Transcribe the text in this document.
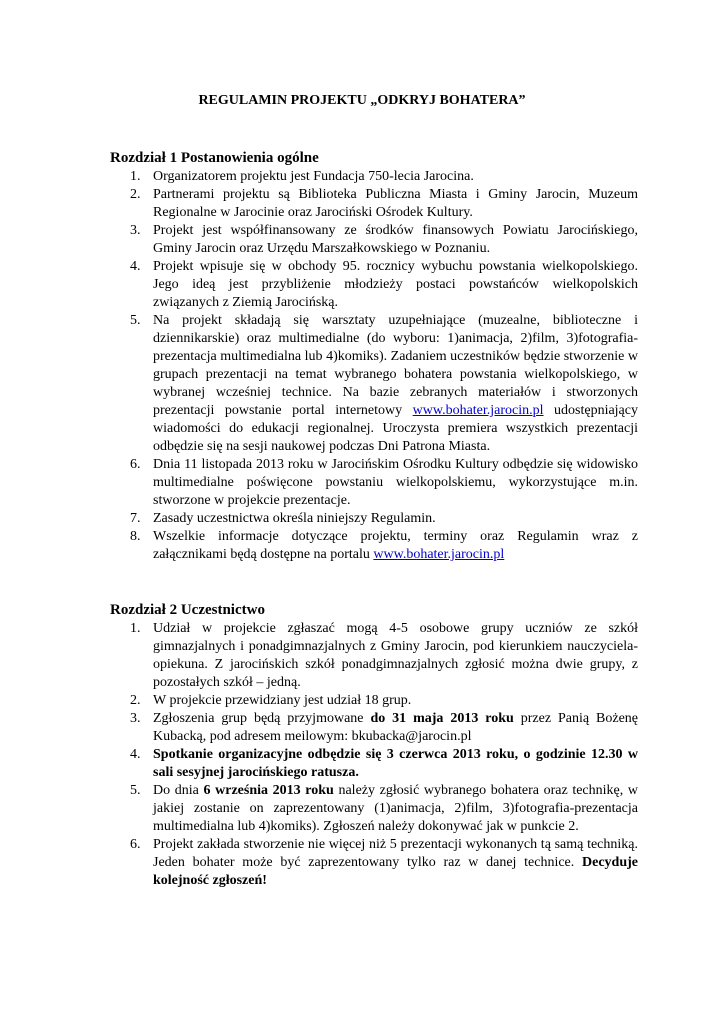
REGULAMIN PROJEKTU „ODKRYJ BOHATERA”
Rozdział 1 Postanowienia ogólne
1. Organizatorem projektu jest Fundacja 750-lecia Jarocina.

2. Partnerami projektu są Biblioteka Publiczna Miasta i Gminy Jarocin, Muzeum Regionalne w Jarocinie oraz Jarociński Ośrodek Kultury.

3. Projekt jest współfinansowany ze środków finansowych Powiatu Jarocińskiego, Gminy Jarocin oraz Urzędu Marszałkowskiego w Poznaniu.

4. Projekt wpisuje się w obchody 95. rocznicy wybuchu powstania wielkopolskiego. Jego ideą jest przybliżenie młodzieży postaci powstańców wielkopolskich związanych z Ziemią Jarocińską.

5. Na projekt składają się warsztaty uzupełniające (muzealne, biblioteczne i dziennikarskie) oraz multimedialne (do wyboru: 1)animacja, 2)film, 3)fotografia-prezentacja multimedialna lub 4)komiks). Zadaniem uczestników będzie stworzenie w grupach prezentacji na temat wybranego bohatera powstania wielkopolskiego, w wybranej wcześniej technice. Na bazie zebranych materiałów i stworzonych prezentacji powstanie portal internetowy www.bohater.jarocin.pl udostępniający wiadomości do edukacji regionalnej. Uroczysta premiera wszystkich prezentacji odbędzie się na sesji naukowej podczas Dni Patrona Miasta.

6. Dnia 11 listopada 2013 roku w Jarocińskim Ośrodku Kultury odbędzie się widowisko multimedialne poświęcone powstaniu wielkopolskiemu, wykorzystujące m.in. stworzone w projekcie prezentacje.

7. Zasady uczestnictwa określa niniejszy Regulamin.

8. Wszelkie informacje dotyczące projektu, terminy oraz Regulamin wraz z załącznikami będą dostępne na portalu www.bohater.jarocin.pl

Rozdział 2 Uczestnictwo
1. Udział w projekcie zgłaszać mogą 4-5 osobowe grupy uczniów ze szkół gimnazjalnych i ponadgimnazjalnych z Gminy Jarocin, pod kierunkiem nauczyciela-opiekuna. Z jarocińskich szkół ponadgimnazjalnych zgłosić można dwie grupy, z pozostałych szkół – jedną.

2. W projekcie przewidziany jest udział 18 grup.

3. Zgłoszenia grup będą przyjmowane do 31 maja 2013 roku przez Panią Bożenę Kubacką, pod adresem meilowym: bkubacka@jarocin.pl

4. Spotkanie organizacyjne odbędzie się 3 czerwca 2013 roku, o godzinie 12.30 w sali sesyjnej jarocińskiego ratusza.

5. Do dnia 6 września 2013 roku należy zgłosić wybranego bohatera oraz technikę, w jakiej zostanie on zaprezentowany (1)animacja, 2)film, 3)fotografia-prezentacja multimedialna lub 4)komiks). Zgłoszeń należy dokonywać jak w punkcie 2.

6. Projekt zakłada stworzenie nie więcej niż 5 prezentacji wykonanych tą samą techniką. Jeden bohater może być zaprezentowany tylko raz w danej technice. Decyduje kolejność zgłoszeń!
